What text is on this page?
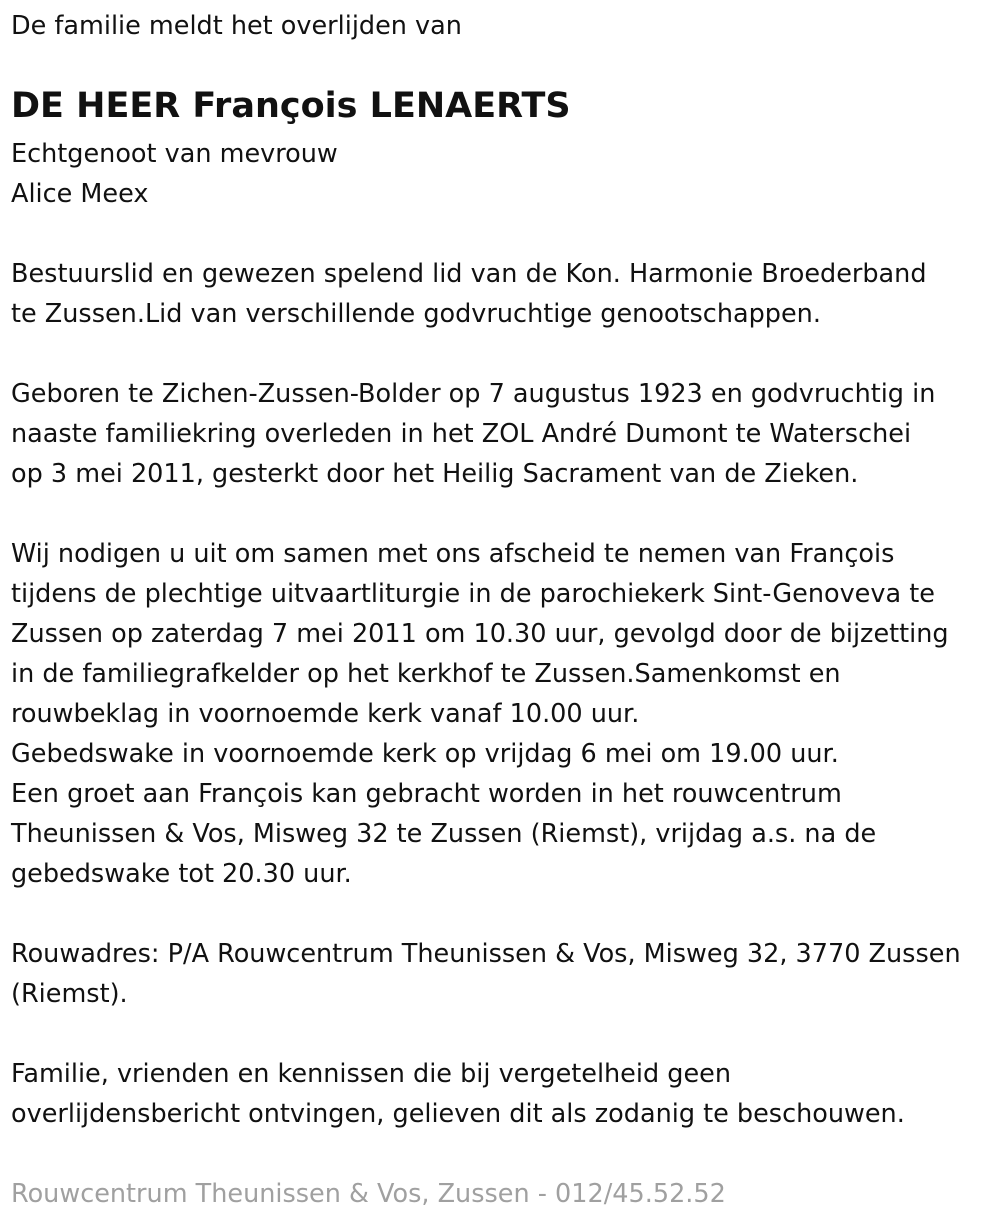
De familie meldt het overlijden van
DE HEER François LENAERTS
Echtgenoot van mevrouw
Alice Meex
Bestuurslid en gewezen spelend lid van de Kon. Harmonie Broederband
te Zussen.Lid van verschillende godvruchtige genootschappen.
Geboren te Zichen-Zussen-Bolder op 7 augustus 1923 en godvruchtig in
naaste familiekring overleden in het ZOL André Dumont te Waterschei
op 3 mei 2011, gesterkt door het Heilig Sacrament van de Zieken.
Wij nodigen u uit om samen met ons afscheid te nemen van François
tijdens de plechtige uitvaartliturgie in de parochiekerk Sint-Genoveva te
Zussen op zaterdag 7 mei 2011 om 10.30 uur, gevolgd door de bijzetting
in de familiegrafkelder op het kerkhof te Zussen.Samenkomst en
rouwbeklag in voornoemde kerk vanaf 10.00 uur.
Gebedswake in voornoemde kerk op vrijdag 6 mei om 19.00 uur.
Een groet aan François kan gebracht worden in het rouwcentrum
Theunissen & Vos, Misweg 32 te Zussen (Riemst), vrijdag a.s. na de
gebedswake tot 20.30 uur.
Rouwadres: P/A Rouwcentrum Theunissen & Vos, Misweg 32, 3770 Zussen
(Riemst).
Familie, vrienden en kennissen die bij vergetelheid geen
overlijdensbericht ontvingen, gelieven dit als zodanig te beschouwen.
Rouwcentrum Theunissen & Vos, Zussen - 012/45.52.52
